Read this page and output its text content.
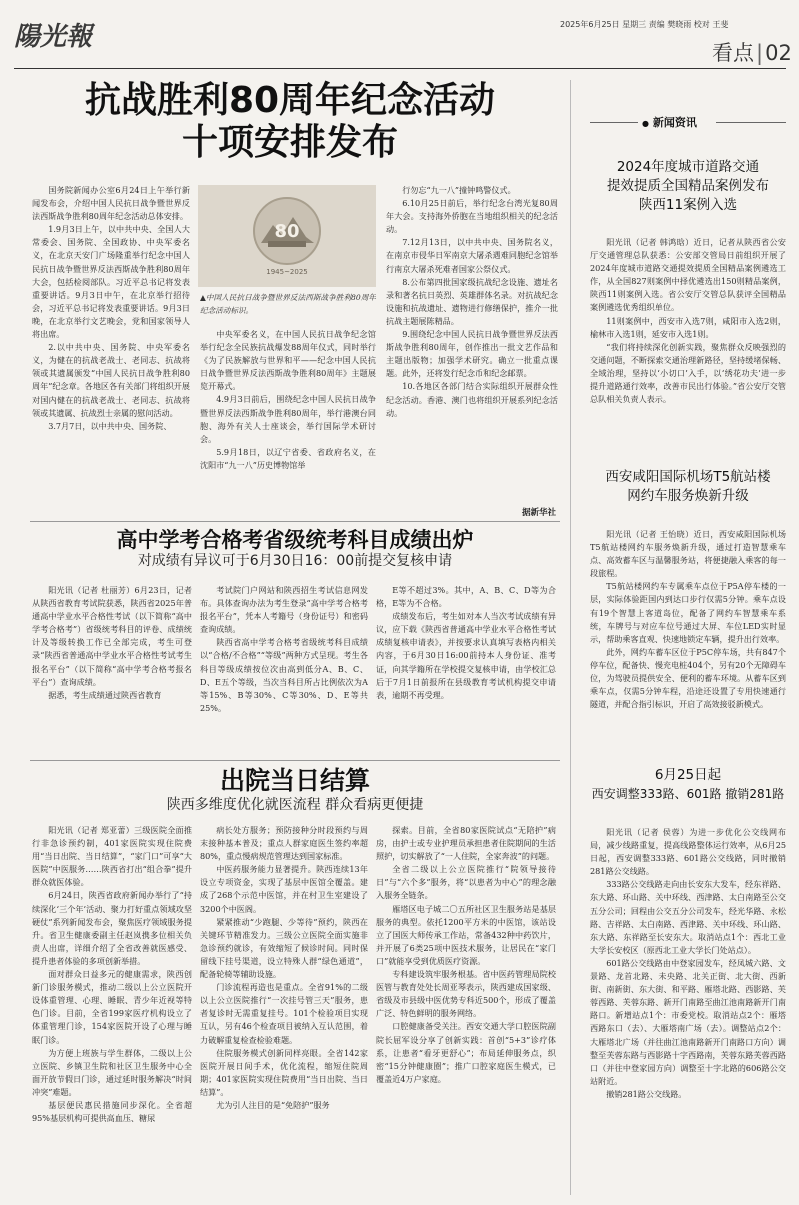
陽光報	2025年6月25日 星期三 责编 樊晓雨 校对 王斐
看点|02
抗战胜利80周年纪念活动
十项安排发布

国务院新闻办公室6月24日上午举行新闻发布会，介绍中国人民抗日战争暨世界反法西斯战争胜利80周年纪念活动总体安排。

1.9月3日上午，以中共中央、全国人大常委会、国务院、全国政协、中央军委名义，在北京天安门广场隆重举行纪念中国人民抗日战争暨世界反法西斯战争胜利80周年大会，包括检阅部队。习近平总书记将发表重要讲话。9月3日中午，在北京举行招待会，习近平总书记将发表重要讲话。9月3日晚，在北京举行文艺晚会，党和国家领导人将出席。

2.以中共中央、国务院、中央军委名义，为健在的抗战老战士、老同志、抗战将领或其遗属颁发“中国人民抗日战争胜利80周年”纪念章。各地区各有关部门将组织开展对国内健在的抗战老战士、老同志、抗战将领或其遗属、抗战烈士亲属的慰问活动。

3.7月7日，以中共中央、国务院、

80
1945~2025
▲中国人民抗日战争暨世界反法西斯战争胜利80周年纪念活动标识。

中央军委名义，在中国人民抗日战争纪念馆举行纪念全民族抗战爆发88周年仪式，同时举行《为了民族解放与世界和平——纪念中国人民抗日战争暨世界反法西斯战争胜利80周年》主题展览开幕式。

4.9月3日前后，围绕纪念中国人民抗日战争暨世界反法西斯战争胜利80周年，举行港澳台同胞、海外有关人士座谈会，举行国际学术研讨会。

5.9月18日，以辽宁省委、省政府名义，在沈阳市“九一八”历史博物馆举

行勿忘“九一八”撞钟鸣警仪式。

6.10月25日前后，举行纪念台湾光复80周年大会。支持海外侨胞在当地组织相关的纪念活动。

7.12月13日，以中共中央、国务院名义，在南京市侵华日军南京大屠杀遇难同胞纪念馆举行南京大屠杀死难者国家公祭仪式。

8.公布第四批国家级抗战纪念设施、遗址名录和著名抗日英烈、英雄群体名录。对抗战纪念设施和抗战遗址、遗物进行修缮保护，推介一批抗战主题展陈精品。

9.围绕纪念中国人民抗日战争暨世界反法西斯战争胜利80周年，创作推出一批文艺作品和主题出版物；加强学术研究。确立一批重点课题。此外，还将发行纪念币和纪念邮票。

10.各地区各部门结合实际组织开展群众性纪念活动。香港、澳门也将组织开展系列纪念活动。

据新华社
高中学考合格考省级统考科目成绩出炉
对成绩有异议可于6月30日16：00前提交复核申请

阳光讯（记者 杜丽芳）6月23日，记者从陕西省教育考试院获悉，陕西省2025年普通高中学业水平合格性考试（以下简称“高中学考合格考”）省级统考科目的评卷、成绩统计及等级转换工作已全部完成，考生可登录“陕西省普通高中学业水平合格性考试考生报名平台”（以下简称“高中学考合格考报名平台”）查询成绩。

据悉，考生成绩通过陕西省教育

考试院门户网站和陕西招生考试信息网发布。具体查询办法为考生登录“高中学考合格考报名平台”，凭本人考籍号（身份证号）和密码查询成绩。

陕西省高中学考合格考省级统考科目成绩以“合格/不合格”“等级”两种方式呈现。考生各科目等级成绩按位次由高到低分A、B、C、D、E五个等级，当次当科目所占比例依次为A等15%、B等30%、C等30%、D、E等共25%。

E等不超过3%。其中，A、B、C、D等为合格，E等为不合格。

成绩发布后，考生如对本人当次考试成绩有异议，应下载《陕西省普通高中学业水平合格性考试成绩复核申请表》，并按要求认真填写表格内相关内容，于6月30日16:00前持本人身份证、准考证，向其学籍所在学校提交复核申请，由学校汇总后于7月1日前报所在县级教育考试机构提交申请表，逾期不再受理。

出院当日结算
陕西多维度优化就医流程 群众看病更便捷

阳光讯（记者 郑亚蕾）三级医院全面推行非急诊预约制，401家医院实现住院费用“当日出院、当日结算”，“家门口”可享“大医院”中医服务……陕西省打出“组合拳”提升群众就医体验。

6月24日，陕西省政府新闻办举行了“持续深化‘三个年’活动、聚力打好重点领域攻坚硬仗”系列新闻发布会，聚焦医疗领域服务提升。省卫生健康委副主任赵岚携多位相关负责人出席，详细介绍了全省改善就医感受、提升患者体验的多项创新举措。

面对群众日益多元的健康需求，陕西创新门诊服务模式，推动二级以上公立医院开设体重管理、心理、睡眠、青少年近视等特色门诊。目前，全省199家医疗机构设立了体重管理门诊，154家医院开设了心理与睡眠门诊。

为方便上班族与学生群体，二级以上公立医院、乡镇卫生院和社区卫生服务中心全面开放节假日门诊，通过延时服务解决“时间冲突”难题。

基层便民惠民措施同步深化。全省超95%基层机构可提供高血压、糖尿

病长处方服务；预防接种分时段预约与周末接种基本普及；重点人群家庭医生签约率超80%，重点慢病规范管理达到国家标准。

中医药服务能力显著提升。陕西连续13年设立专项资金，实现了基层中医馆全覆盖。建成了268个示范中医馆，并在村卫生室建设了3200个中医阁。

紧紧推动“少跑腿、少等待”预约，陕西在关键环节精准发力。三级公立医院全面实施非急诊预约就诊，有效缩短了候诊时间。同时保留线下挂号渠道，设立特殊人群“绿色通道”，配备轮椅等辅助设施。

门诊流程再造也是重点。全省91%的二级以上公立医院推行“一次挂号管三天”服务，患者复诊时无需重复挂号。101个检验项目实现互认，另有46个检查项目被纳入互认范围，着力破解重复检查检验难题。

住院服务模式创新同样亮眼。全省142家医院开展日间手术，优化流程，缩短住院周期；401家医院实现住院费用“当日出院、当日结算”。

尤为引人注目的是“免陪护”服务

探索。目前，全省80家医院试点“无陪护”病房，由护士或专业护理员承担患者住院期间的生活照护，切实解放了“一人住院，全家奔波”的问题。

全省二级以上公立医院推行“院领导接待日”与“六个多”服务，将“以患者为中心”的理念融入服务全链条。

雁塔区电子城二〇五所社区卫生服务站是基层服务的典型。依托1200平方米的中医馆，该站设立了国医大师传承工作站，常备432种中药饮片，并开展了6类25项中医技术服务，让居民在“家门口”就能享受到优质医疗资源。

专科建设筑牢服务根基。省中医药管理局院校医管与教育处处长周亚琴表示，陕西建成国家级、省级及市县级中医优势专科近500个，形成了覆盖广泛、特色鲜明的服务网络。

口腔健康备受关注。西安交通大学口腔医院副院长屈军设分享了创新实践：首创“5+3”诊疗体系，让患者“看牙更舒心”；布局延伸服务点，织密“15分钟健康圈”；推广口腔家庭医生模式，已覆盖近4万户家庭。

● 新闻资讯
2024年度城市道路交通
提效提质全国精品案例发布
陕西11案例入选

阳光讯（记者 韩鸿晗）近日，记者从陕西省公安厅交通管理总队获悉：公安部交管局日前组织开展了2024年度城市道路交通提效提质全国精品案例遴选工作，从全国827则案例中择优遴选出150则精品案例，陕西11则案例入选。省公安厅交管总队获评全国精品案例遴选优秀组织单位。

11则案例中，西安市入选7则，咸阳市入选2则，榆林市入选1则，延安市入选1则。

“我们将持续深化创新实践，聚焦群众反映强烈的交通问题，不断探索交通治理新路径，坚持缓堵保畅、全域治理，坚持以‘小切口’入手，以‘绣花功夫’进一步提升道路通行效率，改善市民出行体验。”省公安厅交管总队相关负责人表示。

西安咸阳国际机场T5航站楼
网约车服务焕新升级

阳光讯（记者 王怡晓）近日，西安咸阳国际机场T5航站楼网约车服务焕新升级，通过打造智慧乘车点、高效蓄车区与温馨服务站，将便捷融入乘客的每一段旅程。

T5航站楼网约车专属乘车点位于P5A停车楼的一层，实际体验距国内到达口步行仅需5分钟。乘车点设有19个智慧上客道岛位，配备了网约车智慧乘车系统，车牌号与对应车位号通过大屏、车位LED实时显示，帮助乘客直观、快速地锁定车辆，提升出行效率。

此外，网约车蓄车区位于P5C停车场，共有847个停车位，配备快、慢充电桩404个，另有20个无障碍车位，为驾驶员提供安全、便利的蓄车环境。从蓄车区到乘车点，仅需5分钟车程，沿途还设置了专用快速通行隧道，并配合指引标识，开启了高效接驳新模式。

6月25日起
西安调整333路、601路 撤销281路

阳光讯（记者 侯蓉）为进一步优化公交线网布局，减少线路重复，提高线路整体运行效率，从6月25日起，西安调整333路、601路公交线路，同时撤销281路公交线路。

333路公交线路走向由长安东大发车，经东祥路、东大路、环山路、关中环线、西津路、太白南路至公交五分公司；回程由公交五分公司发车，经光华路、永松路、吉祥路、太白南路、西津路、关中环线、环山路、东大路、东祥路至长安东大。取消站点1个：西北工业大学长安校区（原西北工业大学长门处站点）。

601路公交线路由中登家园发车，经凤城六路、文景路、龙首北路、未央路、北关正街、北大街、西新街、南新街、东大街、和平路、雁塔北路、西影路、芙蓉西路、芙蓉东路、新开门南路至曲江池南路新开门南路口。新增站点1个：市委党校。取消站点2个：雁塔西路东口（去）、大雁塔南广场（去）。调整站点2个：大雁塔北广场（并往曲江池南路新开门南路口方向）调整至芙蓉东路与西影路十字西路南，芙蓉东路芙蓉西路口（并往中登家园方向）调整至十字北路的606路公交站附近。

撤销281路公交线路。
